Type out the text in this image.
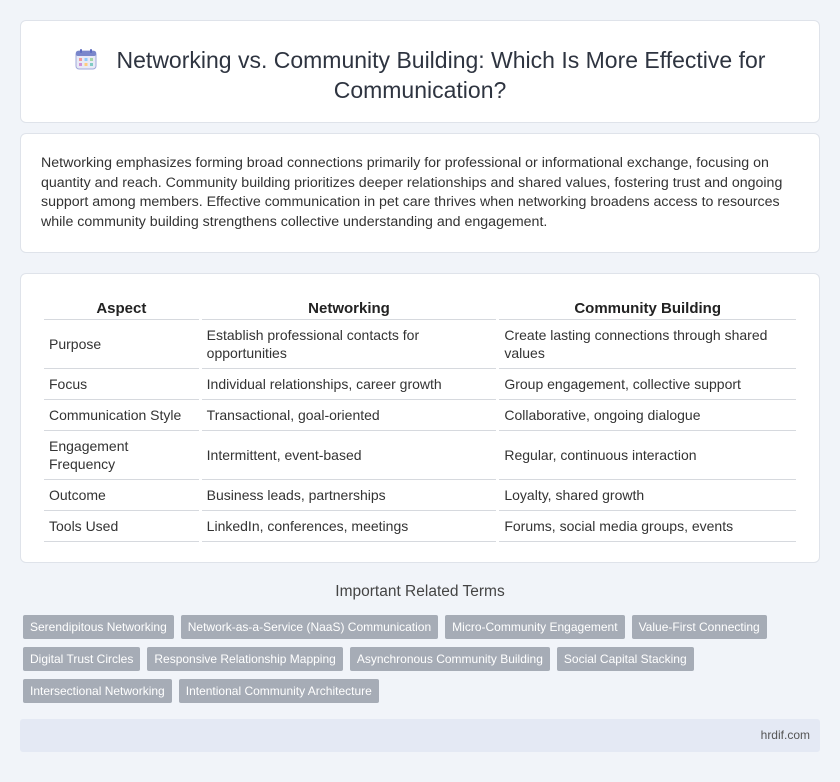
Networking vs. Community Building: Which Is More Effective for Communication?

Networking emphasizes forming broad connections primarily for professional or informational exchange, focusing on quantity and reach. Community building prioritizes deeper relationships and shared values, fostering trust and ongoing support among members. Effective communication in pet care thrives when networking broadens access to resources while community building strengthens collective understanding and engagement.

Aspect	Networking	Community Building
Purpose	Establish professional contacts for opportunities	Create lasting connections through shared values
Focus	Individual relationships, career growth	Group engagement, collective support
Communication Style	Transactional, goal-oriented	Collaborative, ongoing dialogue
Engagement Frequency	Intermittent, event-based	Regular, continuous interaction
Outcome	Business leads, partnerships	Loyalty, shared growth
Tools Used	LinkedIn, conferences, meetings	Forums, social media groups, events
Important Related Terms
Serendipitous Networking	Network-as-a-Service (NaaS) Communication	Micro-Community Engagement	Value-First Connecting
Digital Trust Circles	Responsive Relationship Mapping	Asynchronous Community Building	Social Capital Stacking
Intersectional Networking	Intentional Community Architecture
hrdif.com
